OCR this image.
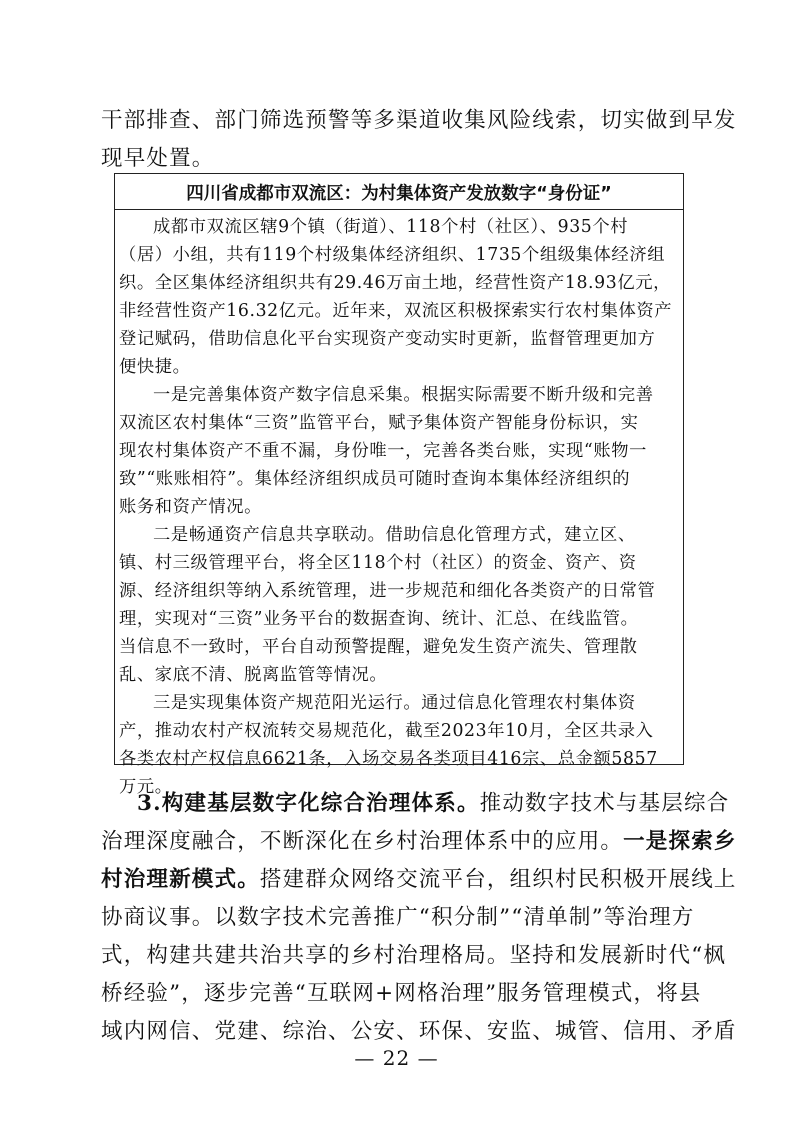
干部排查、部门筛选预警等多渠道收集风险线索，切实做到早发
现早处置。
四川省成都市双流区：为村集体资产发放数字“身份证”
成都市双流区辖9个镇（街道）、118个村（社区）、935个村
（居）小组，共有119个村级集体经济组织、1735个组级集体经济组
织。全区集体经济组织共有29.46万亩土地，经营性资产18.93亿元，
非经营性资产16.32亿元。近年来，双流区积极探索实行农村集体资产
登记赋码，借助信息化平台实现资产变动实时更新，监督管理更加方
便快捷。
一是完善集体资产数字信息采集。根据实际需要不断升级和完善
双流区农村集体“三资”监管平台，赋予集体资产智能身份标识，实
现农村集体资产不重不漏，身份唯一，完善各类台账，实现“账物一
致”“账账相符”。集体经济组织成员可随时查询本集体经济组织的
账务和资产情况。
二是畅通资产信息共享联动。借助信息化管理方式，建立区、
镇、村三级管理平台，将全区118个村（社区）的资金、资产、资
源、经济组织等纳入系统管理，进一步规范和细化各类资产的日常管
理，实现对“三资”业务平台的数据查询、统计、汇总、在线监管。
当信息不一致时，平台自动预警提醒，避免发生资产流失、管理散
乱、家底不清、脱离监管等情况。
三是实现集体资产规范阳光运行。通过信息化管理农村集体资
产，推动农村产权流转交易规范化，截至2023年10月，全区共录入
各类农村产权信息6621条，入场交易各类项目416宗、总金额5857
万元。
3.构建基层数字化综合治理体系。推动数字技术与基层综合
治理深度融合，不断深化在乡村治理体系中的应用。一是探索乡
村治理新模式。搭建群众网络交流平台，组织村民积极开展线上
协商议事。以数字技术完善推广“积分制”“清单制”等治理方
式，构建共建共治共享的乡村治理格局。坚持和发展新时代“枫
桥经验”，逐步完善“互联网+网格治理”服务管理模式，将县
域内网信、党建、综治、公安、环保、安监、城管、信用、矛盾
— 22 —
